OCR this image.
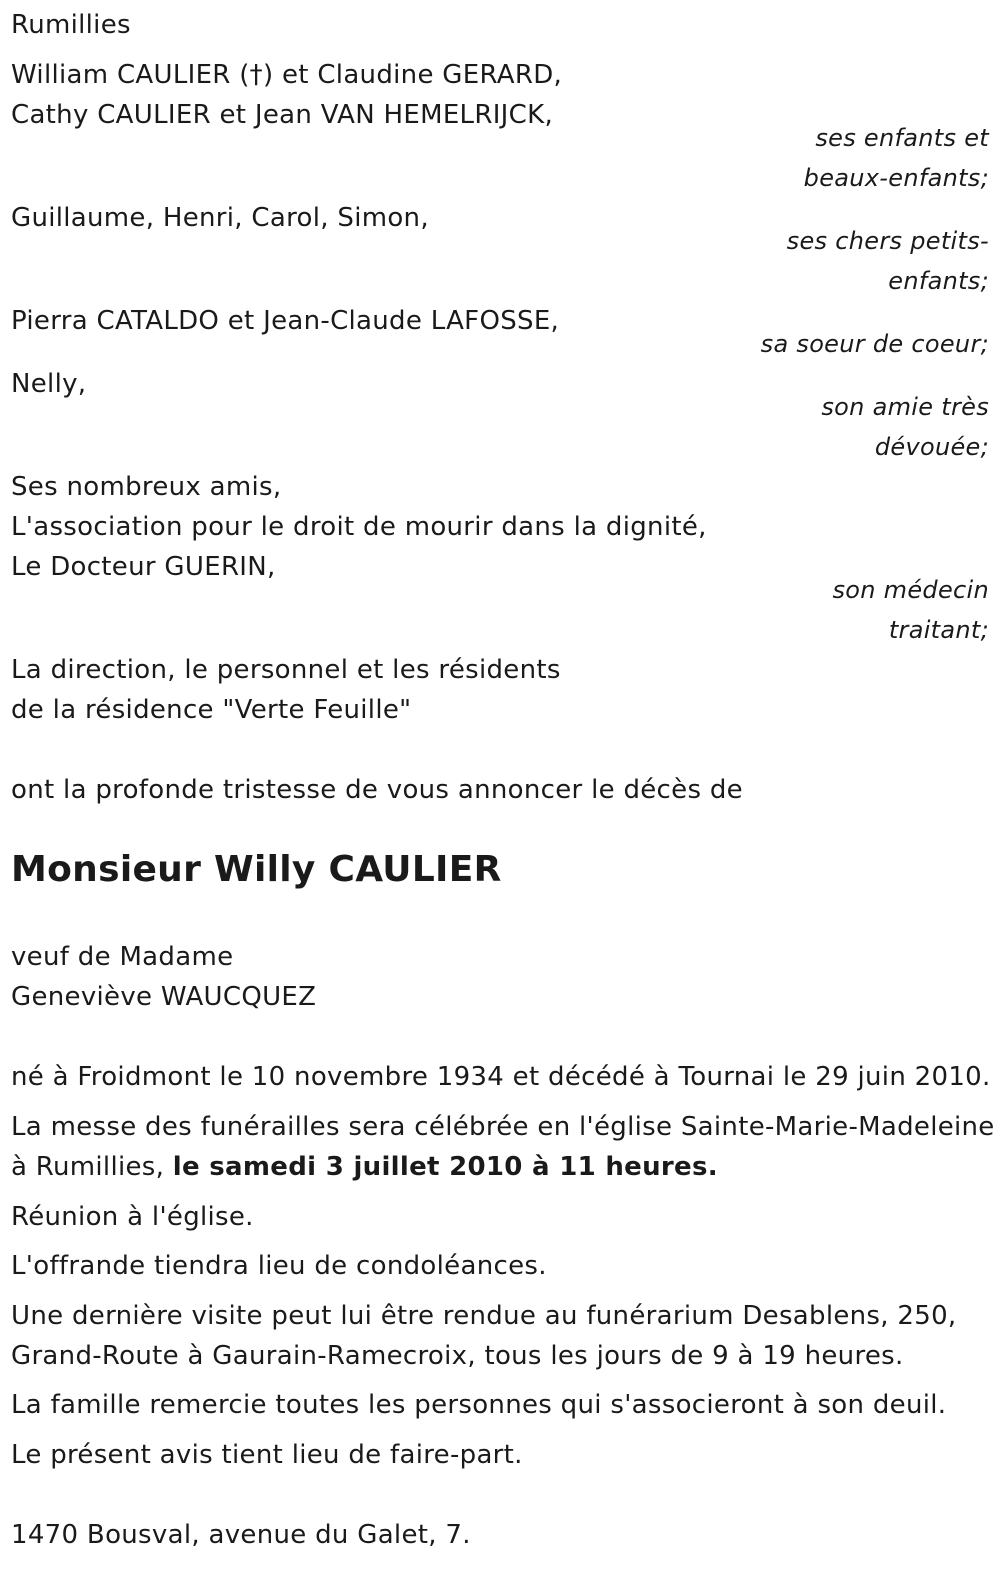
Rumillies
William CAULIER (†) et Claudine GERARD,
Cathy CAULIER et Jean VAN HEMELRIJCK,
ses enfants et
beaux-enfants;
Guillaume, Henri, Carol, Simon,
ses chers petits-
enfants;
Pierra CATALDO et Jean-Claude LAFOSSE,
sa soeur de coeur;
Nelly,
son amie très
dévouée;
Ses nombreux amis,
L'association pour le droit de mourir dans la dignité,
Le Docteur GUERIN,
son médecin
traitant;
La direction, le personnel et les résidents
de la résidence "Verte Feuille"
ont la profonde tristesse de vous annoncer le décès de
Monsieur Willy CAULIER
veuf de Madame
Geneviève WAUCQUEZ
né à Froidmont le 10 novembre 1934 et décédé à Tournai le 29 juin 2010.
La messe des funérailles sera célébrée en l'église Sainte-Marie-Madeleine
à Rumillies, le samedi 3 juillet 2010 à 11 heures.
Réunion à l'église.
L'offrande tiendra lieu de condoléances.
Une dernière visite peut lui être rendue au funérarium Desablens, 250,
Grand-Route à Gaurain-Ramecroix, tous les jours de 9 à 19 heures.
La famille remercie toutes les personnes qui s'associeront à son deuil.
Le présent avis tient lieu de faire-part.
1470 Bousval, avenue du Galet, 7.
